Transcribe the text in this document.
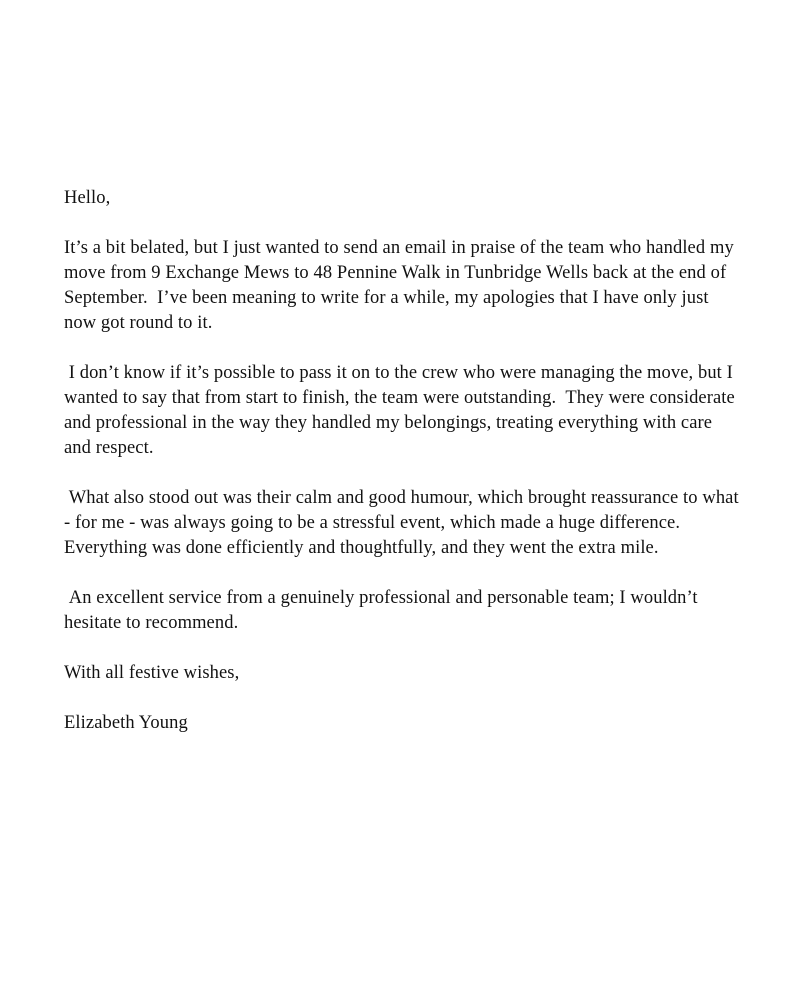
Hello,

It’s a bit belated, but I just wanted to send an email in praise of the team who handled my move from 9 Exchange Mews to 48 Pennine Walk in Tunbridge Wells back at the end of September.  I’ve been meaning to write for a while, my apologies that I have only just now got round to it.

I don’t know if it’s possible to pass it on to the crew who were managing the move, but I wanted to say that from start to finish, the team were outstanding.  They were considerate and professional in the way they handled my belongings, treating everything with care and respect.

What also stood out was their calm and good humour, which brought reassurance to what - for me - was always going to be a stressful event, which made a huge difference.  Everything was done efficiently and thoughtfully, and they went the extra mile.

An excellent service from a genuinely professional and personable team; I wouldn’t hesitate to recommend.

With all festive wishes,

Elizabeth Young
